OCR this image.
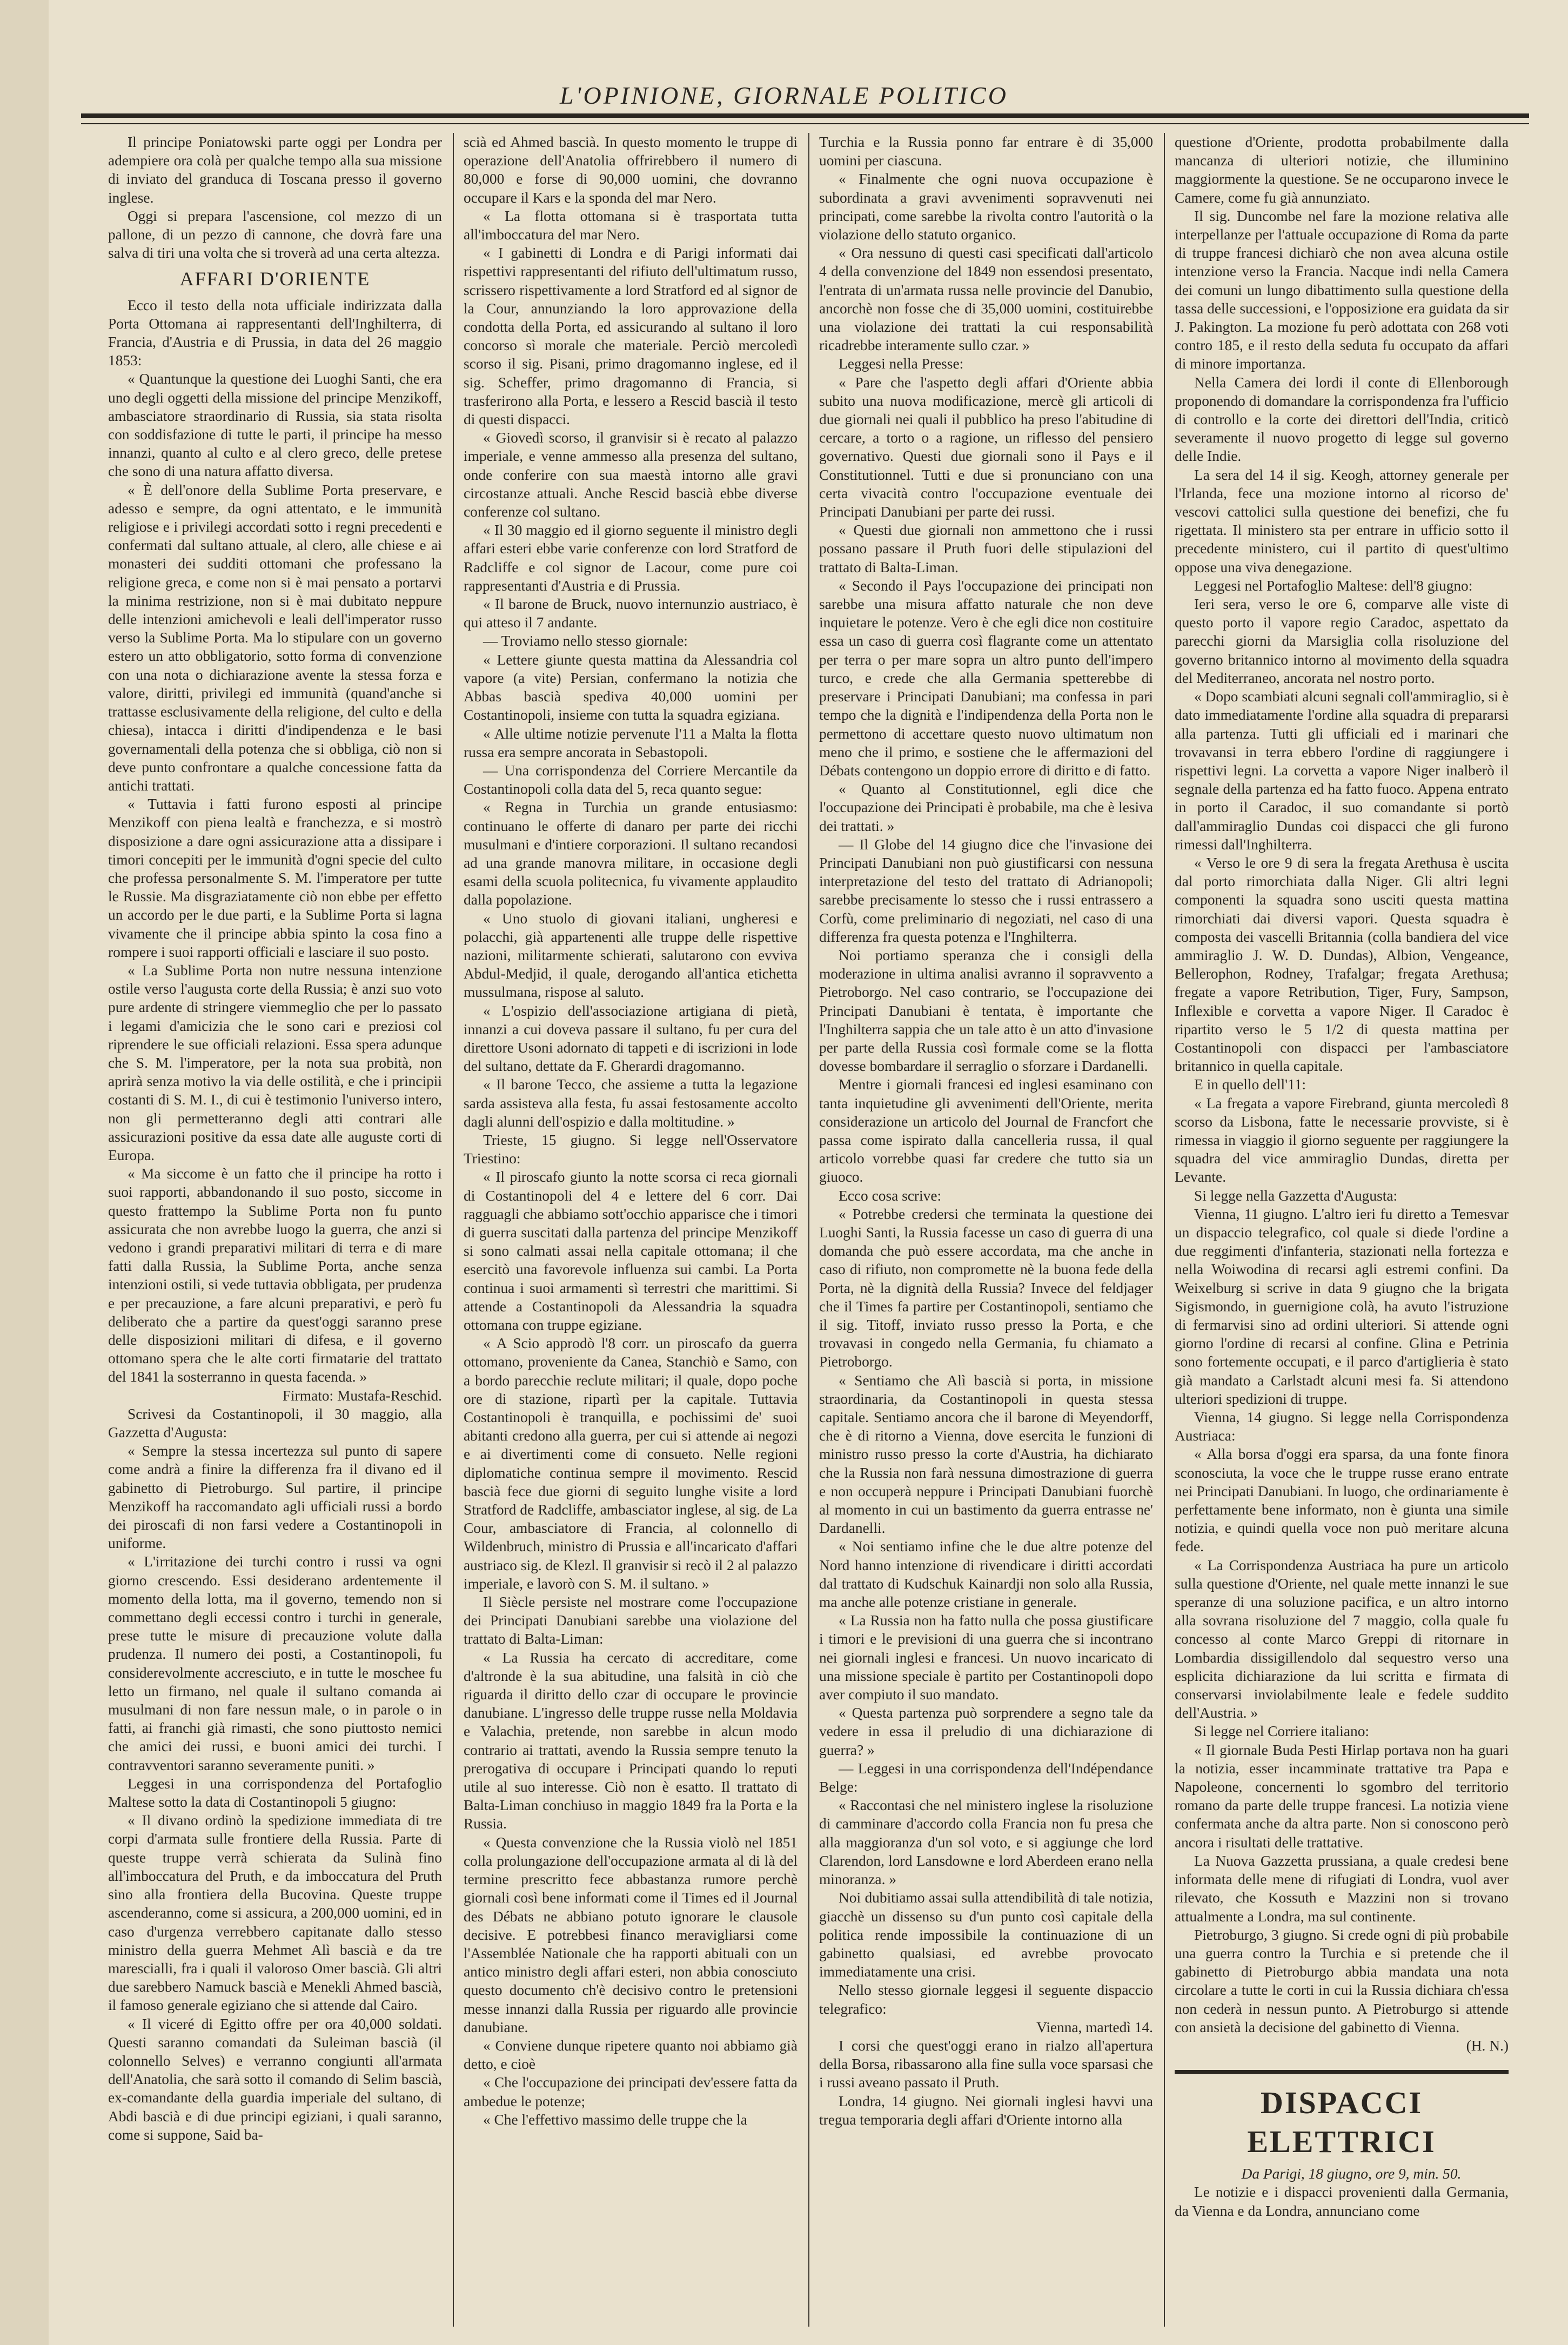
L'OPINIONE, GIORNALE POLITICO

Il principe Poniatowski parte oggi per Londra per adempiere ora colà per qualche tempo alla sua missione di inviato del granduca di Toscana presso il governo inglese.

Oggi si prepara l'ascensione, col mezzo di un pallone, di un pezzo di cannone, che dovrà fare una salva di tiri una volta che si troverà ad una certa altezza.

AFFARI D'ORIENTE

Ecco il testo della nota ufficiale indirizzata dalla Porta Ottomana ai rappresentanti dell'Inghilterra, di Francia, d'Austria e di Prussia, in data del 26 maggio 1853:

« Quantunque la questione dei Luoghi Santi, che era uno degli oggetti della missione del principe Menzikoff, ambasciatore straordinario di Russia, sia stata risolta con soddisfazione di tutte le parti, il principe ha messo innanzi, quanto al culto e al clero greco, delle pretese che sono di una natura affatto diversa.

« È dell'onore della Sublime Porta preservare, e adesso e sempre, da ogni attentato, e le immunità religiose e i privilegi accordati sotto i regni precedenti e confermati dal sultano attuale, al clero, alle chiese e ai monasteri dei sudditi ottomani che professano la religione greca, e come non si è mai pensato a portarvi la minima restrizione, non si è mai dubitato neppure delle intenzioni amichevoli e leali dell'imperator russo verso la Sublime Porta. Ma lo stipulare con un governo estero un atto obbligatorio, sotto forma di convenzione con una nota o dichiarazione avente la stessa forza e valore, diritti, privilegi ed immunità (quand'anche si trattasse esclusivamente della religione, del culto e della chiesa), intacca i diritti d'indipendenza e le basi governamentali della potenza che si obbliga, ciò non si deve punto confrontare a qualche concessione fatta da antichi trattati.

« Tuttavia i fatti furono esposti al principe Menzikoff con piena lealtà e franchezza, e si mostrò disposizione a dare ogni assicurazione atta a dissipare i timori concepiti per le immunità d'ogni specie del culto che professa personalmente S. M. l'imperatore per tutte le Russie. Ma disgraziatamente ciò non ebbe per effetto un accordo per le due parti, e la Sublime Porta si lagna vivamente che il principe abbia spinto la cosa fino a rompere i suoi rapporti officiali e lasciare il suo posto.

« La Sublime Porta non nutre nessuna intenzione ostile verso l'augusta corte della Russia; è anzi suo voto pure ardente di stringere viemmeglio che per lo passato i legami d'amicizia che le sono cari e preziosi col riprendere le sue officiali relazioni. Essa spera adunque che S. M. l'imperatore, per la nota sua probità, non aprirà senza motivo la via delle ostilità, e che i principii costanti di S. M. I., di cui è testimonio l'universo intero, non gli permetteranno degli atti contrari alle assicurazioni positive da essa date alle auguste corti di Europa.

« Ma siccome è un fatto che il principe ha rotto i suoi rapporti, abbandonando il suo posto, siccome in questo frattempo la Sublime Porta non fu punto assicurata che non avrebbe luogo la guerra, che anzi si vedono i grandi preparativi militari di terra e di mare fatti dalla Russia, la Sublime Porta, anche senza intenzioni ostili, si vede tuttavia obbligata, per prudenza e per precauzione, a fare alcuni preparativi, e però fu deliberato che a partire da quest'oggi saranno prese delle disposizioni militari di difesa, e il governo ottomano spera che le alte corti firmatarie del trattato del 1841 la sosterranno in questa facenda. »

Firmato: Mustafa-Reschid.

Scrivesi da Costantinopoli, il 30 maggio, alla Gazzetta d'Augusta:

« Sempre la stessa incertezza sul punto di sapere come andrà a finire la differenza fra il divano ed il gabinetto di Pietroburgo. Sul partire, il principe Menzikoff ha raccomandato agli ufficiali russi a bordo dei piroscafi di non farsi vedere a Costantinopoli in uniforme.

« L'irritazione dei turchi contro i russi va ogni giorno crescendo. Essi desiderano ardentemente il momento della lotta, ma il governo, temendo non si commettano degli eccessi contro i turchi in generale, prese tutte le misure di precauzione volute dalla prudenza. Il numero dei posti, a Costantinopoli, fu considerevolmente accresciuto, e in tutte le moschee fu letto un firmano, nel quale il sultano comanda ai musulmani di non fare nessun male, o in parole o in fatti, ai franchi già rimasti, che sono piuttosto nemici che amici dei russi, e buoni amici dei turchi. I contravventori saranno severamente puniti. »

Leggesi in una corrispondenza del Portafoglio Maltese sotto la data di Costantinopoli 5 giugno:

« Il divano ordinò la spedizione immediata di tre corpi d'armata sulle frontiere della Russia. Parte di queste truppe verrà schierata da Sulinà fino all'imboccatura del Pruth, e da imboccatura del Pruth sino alla frontiera della Bucovina. Queste truppe ascenderanno, come si assicura, a 200,000 uomini, ed in caso d'urgenza verrebbero capitanate dallo stesso ministro della guerra Mehmet Alì bascià e da tre marescialli, fra i quali il valoroso Omer bascià. Gli altri due sarebbero Namuck bascià e Menekli Ahmed bascià, il famoso generale egiziano che si attende dal Cairo.

« Il viceré di Egitto offre per ora 40,000 soldati. Questi saranno comandati da Suleiman bascià (il colonnello Selves) e verranno congiunti all'armata dell'Anatolia, che sarà sotto il comando di Selim bascià, ex-comandante della guardia imperiale del sultano, di Abdi bascià e di due principi egiziani, i quali saranno, come si suppone, Said ba-

scià ed Ahmed bascià. In questo momento le truppe di operazione dell'Anatolia offrirebbero il numero di 80,000 e forse di 90,000 uomini, che dovranno occupare il Kars e la sponda del mar Nero.

« La flotta ottomana si è trasportata tutta all'imboccatura del mar Nero.

« I gabinetti di Londra e di Parigi informati dai rispettivi rappresentanti del rifiuto dell'ultimatum russo, scrissero rispettivamente a lord Stratford ed al signor de la Cour, annunziando la loro approvazione della condotta della Porta, ed assicurando al sultano il loro concorso sì morale che materiale. Perciò mercoledì scorso il sig. Pisani, primo dragomanno inglese, ed il sig. Scheffer, primo dragomanno di Francia, si trasferirono alla Porta, e lessero a Rescid bascià il testo di questi dispacci.

« Giovedì scorso, il granvisir si è recato al palazzo imperiale, e venne ammesso alla presenza del sultano, onde conferire con sua maestà intorno alle gravi circostanze attuali. Anche Rescid bascià ebbe diverse conferenze col sultano.

« Il 30 maggio ed il giorno seguente il ministro degli affari esteri ebbe varie conferenze con lord Stratford de Radcliffe e col signor de Lacour, come pure coi rappresentanti d'Austria e di Prussia.

« Il barone de Bruck, nuovo internunzio austriaco, è qui atteso il 7 andante.

— Troviamo nello stesso giornale:

« Lettere giunte questa mattina da Alessandria col vapore (a vite) Persian, confermano la notizia che Abbas bascià spediva 40,000 uomini per Costantinopoli, insieme con tutta la squadra egiziana.

« Alle ultime notizie pervenute l'11 a Malta la flotta russa era sempre ancorata in Sebastopoli.

— Una corrispondenza del Corriere Mercantile da Costantinopoli colla data del 5, reca quanto segue:

« Regna in Turchia un grande entusiasmo: continuano le offerte di danaro per parte dei ricchi musulmani e d'intiere corporazioni. Il sultano recandosi ad una grande manovra militare, in occasione degli esami della scuola politecnica, fu vivamente applaudito dalla popolazione.

« Uno stuolo di giovani italiani, ungheresi e polacchi, già appartenenti alle truppe delle rispettive nazioni, militarmente schierati, salutarono con evviva Abdul-Medjid, il quale, derogando all'antica etichetta mussulmana, rispose al saluto.

« L'ospizio dell'associazione artigiana di pietà, innanzi a cui doveva passare il sultano, fu per cura del direttore Usoni adornato di tappeti e di iscrizioni in lode del sultano, dettate da F. Gherardi dragomanno.

« Il barone Tecco, che assieme a tutta la legazione sarda assisteva alla festa, fu assai festosamente accolto dagli alunni dell'ospizio e dalla moltitudine. »

Trieste, 15 giugno. Si legge nell'Osservatore Triestino:

« Il piroscafo giunto la notte scorsa ci reca giornali di Costantinopoli del 4 e lettere del 6 corr. Dai ragguagli che abbiamo sott'occhio apparisce che i timori di guerra suscitati dalla partenza del principe Menzikoff si sono calmati assai nella capitale ottomana; il che esercitò una favorevole influenza sui cambi. La Porta continua i suoi armamenti sì terrestri che marittimi. Si attende a Costantinopoli da Alessandria la squadra ottomana con truppe egiziane.

« A Scio approdò l'8 corr. un piroscafo da guerra ottomano, proveniente da Canea, Stanchiò e Samo, con a bordo parecchie reclute militari; il quale, dopo poche ore di stazione, ripartì per la capitale. Tuttavia Costantinopoli è tranquilla, e pochissimi de' suoi abitanti credono alla guerra, per cui si attende ai negozi e ai divertimenti come di consueto. Nelle regioni diplomatiche continua sempre il movimento. Rescid bascià fece due giorni di seguito lunghe visite a lord Stratford de Radcliffe, ambasciator inglese, al sig. de La Cour, ambasciatore di Francia, al colonnello di Wildenbruch, ministro di Prussia e all'incaricato d'affari austriaco sig. de Klezl. Il granvisir si recò il 2 al palazzo imperiale, e lavorò con S. M. il sultano. »

Il Siècle persiste nel mostrare come l'occupazione dei Principati Danubiani sarebbe una violazione del trattato di Balta-Liman:

« La Russia ha cercato di accreditare, come d'altronde è la sua abitudine, una falsità in ciò che riguarda il diritto dello czar di occupare le provincie danubiane. L'ingresso delle truppe russe nella Moldavia e Valachia, pretende, non sarebbe in alcun modo contrario ai trattati, avendo la Russia sempre tenuto la prerogativa di occupare i Principati quando lo reputi utile al suo interesse. Ciò non è esatto. Il trattato di Balta-Liman conchiuso in maggio 1849 fra la Porta e la Russia.

« Questa convenzione che la Russia violò nel 1851 colla prolungazione dell'occupazione armata al di là del termine prescritto fece abbastanza rumore perchè giornali così bene informati come il Times ed il Journal des Débats ne abbiano potuto ignorare le clausole decisive. E potrebbesi financo meravigliarsi come l'Assemblée Nationale che ha rapporti abituali con un antico ministro degli affari esteri, non abbia conosciuto questo documento ch'è decisivo contro le pretensioni messe innanzi dalla Russia per riguardo alle provincie danubiane.

« Conviene dunque ripetere quanto noi abbiamo già detto, e cioè

« Che l'occupazione dei principati dev'essere fatta da ambedue le potenze;

« Che l'effettivo massimo delle truppe che la

Turchia e la Russia ponno far entrare è di 35,000 uomini per ciascuna.

« Finalmente che ogni nuova occupazione è subordinata a gravi avvenimenti sopravvenuti nei principati, come sarebbe la rivolta contro l'autorità o la violazione dello statuto organico.

« Ora nessuno di questi casi specificati dall'articolo 4 della convenzione del 1849 non essendosi presentato, l'entrata di un'armata russa nelle provincie del Danubio, ancorchè non fosse che di 35,000 uomini, costituirebbe una violazione dei trattati la cui responsabilità ricadrebbe interamente sullo czar. »

Leggesi nella Presse:

« Pare che l'aspetto degli affari d'Oriente abbia subito una nuova modificazione, mercè gli articoli di due giornali nei quali il pubblico ha preso l'abitudine di cercare, a torto o a ragione, un riflesso del pensiero governativo. Questi due giornali sono il Pays e il Constitutionnel. Tutti e due si pronunciano con una certa vivacità contro l'occupazione eventuale dei Principati Danubiani per parte dei russi.

« Questi due giornali non ammettono che i russi possano passare il Pruth fuori delle stipulazioni del trattato di Balta-Liman.

« Secondo il Pays l'occupazione dei principati non sarebbe una misura affatto naturale che non deve inquietare le potenze. Vero è che egli dice non costituire essa un caso di guerra così flagrante come un attentato per terra o per mare sopra un altro punto dell'impero turco, e crede che alla Germania spetterebbe di preservare i Principati Danubiani; ma confessa in pari tempo che la dignità e l'indipendenza della Porta non le permettono di accettare questo nuovo ultimatum non meno che il primo, e sostiene che le affermazioni del Débats contengono un doppio errore di diritto e di fatto.

« Quanto al Constitutionnel, egli dice che l'occupazione dei Principati è probabile, ma che è lesiva dei trattati. »

— Il Globe del 14 giugno dice che l'invasione dei Principati Danubiani non può giustificarsi con nessuna interpretazione del testo del trattato di Adrianopoli; sarebbe precisamente lo stesso che i russi entrassero a Corfù, come preliminario di negoziati, nel caso di una differenza fra questa potenza e l'Inghilterra.

Noi portiamo speranza che i consigli della moderazione in ultima analisi avranno il sopravvento a Pietroborgo. Nel caso contrario, se l'occupazione dei Principati Danubiani è tentata, è importante che l'Inghilterra sappia che un tale atto è un atto d'invasione per parte della Russia così formale come se la flotta dovesse bombardare il serraglio o sforzare i Dardanelli.

Mentre i giornali francesi ed inglesi esaminano con tanta inquietudine gli avvenimenti dell'Oriente, merita considerazione un articolo del Journal de Francfort che passa come ispirato dalla cancelleria russa, il qual articolo vorrebbe quasi far credere che tutto sia un giuoco.

Ecco cosa scrive:

« Potrebbe credersi che terminata la questione dei Luoghi Santi, la Russia facesse un caso di guerra di una domanda che può essere accordata, ma che anche in caso di rifiuto, non compromette nè la buona fede della Porta, nè la dignità della Russia? Invece del feldjager che il Times fa partire per Costantinopoli, sentiamo che il sig. Titoff, inviato russo presso la Porta, e che trovavasi in congedo nella Germania, fu chiamato a Pietroborgo.

« Sentiamo che Alì bascià si porta, in missione straordinaria, da Costantinopoli in questa stessa capitale. Sentiamo ancora che il barone di Meyendorff, che è di ritorno a Vienna, dove esercita le funzioni di ministro russo presso la corte d'Austria, ha dichiarato che la Russia non farà nessuna dimostrazione di guerra e non occuperà neppure i Principati Danubiani fuorchè al momento in cui un bastimento da guerra entrasse ne' Dardanelli.

« Noi sentiamo infine che le due altre potenze del Nord hanno intenzione di rivendicare i diritti accordati dal trattato di Kudschuk Kainardji non solo alla Russia, ma anche alle potenze cristiane in generale.

« La Russia non ha fatto nulla che possa giustificare i timori e le previsioni di una guerra che si incontrano nei giornali inglesi e francesi. Un nuovo incaricato di una missione speciale è partito per Costantinopoli dopo aver compiuto il suo mandato.

« Questa partenza può sorprendere a segno tale da vedere in essa il preludio di una dichiarazione di guerra? »

— Leggesi in una corrispondenza dell'Indépendance Belge:

« Raccontasi che nel ministero inglese la risoluzione di camminare d'accordo colla Francia non fu presa che alla maggioranza d'un sol voto, e si aggiunge che lord Clarendon, lord Lansdowne e lord Aberdeen erano nella minoranza. »

Noi dubitiamo assai sulla attendibilità di tale notizia, giacchè un dissenso su d'un punto così capitale della politica rende impossibile la continuazione di un gabinetto qualsiasi, ed avrebbe provocato immediatamente una crisi.

Nello stesso giornale leggesi il seguente dispaccio telegrafico:

Vienna, martedì 14.

I corsi che quest'oggi erano in rialzo all'apertura della Borsa, ribassarono alla fine sulla voce sparsasi che i russi aveano passato il Pruth.

Londra, 14 giugno. Nei giornali inglesi havvi una tregua temporaria degli affari d'Oriente intorno alla

questione d'Oriente, prodotta probabilmente dalla mancanza di ulteriori notizie, che illuminino maggiormente la questione. Se ne occuparono invece le Camere, come fu già annunziato.

Il sig. Duncombe nel fare la mozione relativa alle interpellanze per l'attuale occupazione di Roma da parte di truppe francesi dichiarò che non avea alcuna ostile intenzione verso la Francia. Nacque indi nella Camera dei comuni un lungo dibattimento sulla questione della tassa delle successioni, e l'opposizione era guidata da sir J. Pakington. La mozione fu però adottata con 268 voti contro 185, e il resto della seduta fu occupato da affari di minore importanza.

Nella Camera dei lordi il conte di Ellenborough proponendo di domandare la corrispondenza fra l'ufficio di controllo e la corte dei direttori dell'India, criticò severamente il nuovo progetto di legge sul governo delle Indie.

La sera del 14 il sig. Keogh, attorney generale per l'Irlanda, fece una mozione intorno al ricorso de' vescovi cattolici sulla questione dei benefizi, che fu rigettata. Il ministero sta per entrare in ufficio sotto il precedente ministero, cui il partito di quest'ultimo oppose una viva denegazione.

Leggesi nel Portafoglio Maltese: dell'8 giugno:

Ieri sera, verso le ore 6, comparve alle viste di questo porto il vapore regio Caradoc, aspettato da parecchi giorni da Marsiglia colla risoluzione del governo britannico intorno al movimento della squadra del Mediterraneo, ancorata nel nostro porto.

« Dopo scambiati alcuni segnali coll'ammiraglio, si è dato immediatamente l'ordine alla squadra di prepararsi alla partenza. Tutti gli ufficiali ed i marinari che trovavansi in terra ebbero l'ordine di raggiungere i rispettivi legni. La corvetta a vapore Niger inalberò il segnale della partenza ed ha fatto fuoco. Appena entrato in porto il Caradoc, il suo comandante si portò dall'ammiraglio Dundas coi dispacci che gli furono rimessi dall'Inghilterra.

« Verso le ore 9 di sera la fregata Arethusa è uscita dal porto rimorchiata dalla Niger. Gli altri legni componenti la squadra sono usciti questa mattina rimorchiati dai diversi vapori. Questa squadra è composta dei vascelli Britannia (colla bandiera del vice ammiraglio J. W. D. Dundas), Albion, Vengeance, Bellerophon, Rodney, Trafalgar; fregata Arethusa; fregate a vapore Retribution, Tiger, Fury, Sampson, Inflexible e corvetta a vapore Niger. Il Caradoc è ripartito verso le 5 1/2 di questa mattina per Costantinopoli con dispacci per l'ambasciatore britannico in quella capitale.

E in quello dell'11:

« La fregata a vapore Firebrand, giunta mercoledì 8 scorso da Lisbona, fatte le necessarie provviste, si è rimessa in viaggio il giorno seguente per raggiungere la squadra del vice ammiraglio Dundas, diretta per Levante.

Si legge nella Gazzetta d'Augusta:

Vienna, 11 giugno. L'altro ieri fu diretto a Temesvar un dispaccio telegrafico, col quale si diede l'ordine a due reggimenti d'infanteria, stazionati nella fortezza e nella Woiwodina di recarsi agli estremi confini. Da Weixelburg si scrive in data 9 giugno che la brigata Sigismondo, in guernigione colà, ha avuto l'istruzione di fermarvisi sino ad ordini ulteriori. Si attende ogni giorno l'ordine di recarsi al confine. Glina e Petrinia sono fortemente occupati, e il parco d'artiglieria è stato già mandato a Carlstadt alcuni mesi fa. Si attendono ulteriori spedizioni di truppe.

Vienna, 14 giugno. Si legge nella Corrispondenza Austriaca:

« Alla borsa d'oggi era sparsa, da una fonte finora sconosciuta, la voce che le truppe russe erano entrate nei Principati Danubiani. In luogo, che ordinariamente è perfettamente bene informato, non è giunta una simile notizia, e quindi quella voce non può meritare alcuna fede.

« La Corrispondenza Austriaca ha pure un articolo sulla questione d'Oriente, nel quale mette innanzi le sue speranze di una soluzione pacifica, e un altro intorno alla sovrana risoluzione del 7 maggio, colla quale fu concesso al conte Marco Greppi di ritornare in Lombardia dissigillendolo dal sequestro verso una esplicita dichiarazione da lui scritta e firmata di conservarsi inviolabilmente leale e fedele suddito dell'Austria. »

Si legge nel Corriere italiano:

« Il giornale Buda Pesti Hirlap portava non ha guari la notizia, esser incamminate trattative tra Papa e Napoleone, concernenti lo sgombro del territorio romano da parte delle truppe francesi. La notizia viene confermata anche da altra parte. Non si conoscono però ancora i risultati delle trattative.

La Nuova Gazzetta prussiana, a quale credesi bene informata delle mene di rifugiati di Londra, vuol aver rilevato, che Kossuth e Mazzini non si trovano attualmente a Londra, ma sul continente.

Pietroburgo, 3 giugno. Si crede ogni di più probabile una guerra contro la Turchia e si pretende che il gabinetto di Pietroburgo abbia mandata una nota circolare a tutte le corti in cui la Russia dichiara ch'essa non cederà in nessun punto. A Pietroburgo si attende con ansietà la decisione del gabinetto di Vienna.

(H. N.)

DISPACCI ELETTRICI

Da Parigi, 18 giugno, ore 9, min. 50.

Le notizie e i dispacci provenienti dalla Germania, da Vienna e da Londra, annunciano come
